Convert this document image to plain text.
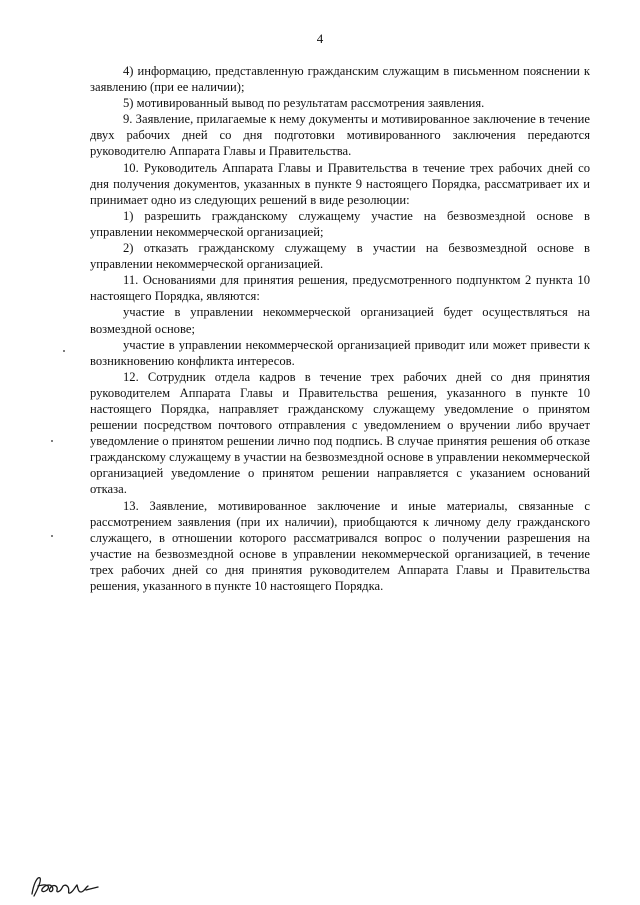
4

4) информацию, представленную гражданским служащим в письменном пояснении к заявлению (при ее наличии);

5) мотивированный вывод по результатам рассмотрения заявления.

9. Заявление, прилагаемые к нему документы и мотивированное заключение в течение двух рабочих дней со дня подготовки мотивированного заключения передаются руководителю Аппарата Главы и Правительства.

10. Руководитель Аппарата Главы и Правительства в течение трех рабочих дней со дня получения документов, указанных в пункте 9 настоящего Порядка, рассматривает их и принимает одно из следующих решений в виде резолюции:

1) разрешить гражданскому служащему участие на безвозмездной основе в управлении некоммерческой организацией;

2) отказать гражданскому служащему в участии на безвозмездной основе в управлении некоммерческой организацией.

11. Основаниями для принятия решения, предусмотренного подпунктом 2 пункта 10 настоящего Порядка, являются:

участие в управлении некоммерческой организацией будет осуществляться на возмездной основе;

участие в управлении некоммерческой организацией приводит или может привести к возникновению конфликта интересов.

12. Сотрудник отдела кадров в течение трех рабочих дней со дня принятия руководителем Аппарата Главы и Правительства решения, указанного в пункте 10 настоящего Порядка, направляет гражданскому служащему уведомление о принятом решении посредством почтового отправления с уведомлением о вручении либо вручает уведомление о принятом решении лично под подпись. В случае принятия решения об отказе гражданскому служащему в участии на безвозмездной основе в управлении некоммерческой организацией уведомление о принятом решении направляется с указанием оснований отказа.

13. Заявление, мотивированное заключение и иные материалы, связанные с рассмотрением заявления (при их наличии), приобщаются к личному делу гражданского служащего, в отношении которого рассматривался вопрос о получении разрешения на участие на безвозмездной основе в управлении некоммерческой организацией, в течение трех рабочих дней со дня принятия руководителем Аппарата Главы и Правительства решения, указанного в пункте 10 настоящего Порядка.
